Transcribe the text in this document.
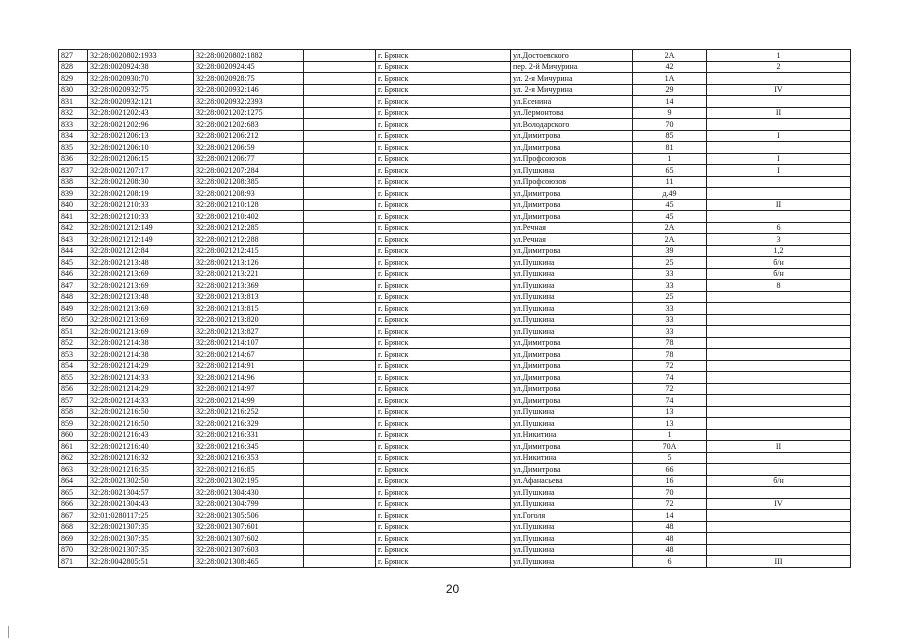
827	32:28:0020802:1933	32:28:0020802:1882		г. Брянск	ул.Достоевского	2А	1
828	32:28:0020924:38	32:28:0020924:45		г. Брянск	пер. 2-й Мичурина	42	2
829	32:28:0020930:70	32:28:0020928:75		г. Брянск	ул. 2-я Мичурина	1А	
830	32:28:0020932:75	32:28:0020932:146		г. Брянск	ул. 2-я Мичурина	29	IV
831	32:28:0020932:121	32:28:0020932:2393		г. Брянск	ул.Есенина	14	
832	32:28:0021202:43	32:28:0021202:1275		г. Брянск	ул.Лермонтова	9	II
833	32:28:0021202:96	32:28:0021202:683		г. Брянск	ул.Володарского	70	
834	32:28:0021206:13	32:28:0021206:212		г. Брянск	ул.Димитрова	85	I
835	32:28:0021206:10	32:28:0021206:59		г. Брянск	ул.Димитрова	81	
836	32:28:0021206:15	32:28:0021206:77		г. Брянск	ул.Профсоюзов	1	I
837	32:28:0021207:17	32:28:0021207:284		г. Брянск	ул.Пушкина	65	I
838	32:28:0021208:30	32:28:0021208:385		г. Брянск	ул.Профсоюзов	11	
839	32:28:0021208:19	32:28:0021208:93		г. Брянск	ул.Димитрова	д.49	
840	32:28:0021210:33	32:28:0021210:128		г. Брянск	ул.Димитрова	45	II
841	32:28:0021210:33	32:28:0021210:402		г. Брянск	ул.Димитрова	45	
842	32:28:0021212:149	32:28:0021212:285		г. Брянск	ул.Речная	2А	6
843	32:28:0021212:149	32:28:0021212:288		г. Брянск	ул.Речная	2А	3
844	32:28:0021212:84	32:28:0021212:415		г. Брянск	ул.Димитрова	39	1,2
845	32:28:0021213:48	32:28:0021213:126		г. Брянск	ул.Пушкина	25	б/н
846	32:28:0021213:69	32:28:0021213:221		г. Брянск	ул.Пушкина	33	б/н
847	32:28:0021213:69	32:28:0021213:369		г. Брянск	ул.Пушкина	33	8
848	32:28:0021213:48	32:28:0021213:813		г. Брянск	ул.Пушкина	25	
849	32:28:0021213:69	32:28:0021213:815		г. Брянск	ул.Пушкина	33	
850	32:28:0021213:69	32:28:0021213:820		г. Брянск	ул.Пушкина	33	
851	32:28:0021213:69	32:28:0021213:827		г. Брянск	ул.Пушкина	33	
852	32:28:0021214:38	32:28:0021214:107		г. Брянск	ул.Димитрова	78	
853	32:28:0021214:38	32:28:0021214:67		г. Брянск	ул.Димитрова	78	
854	32:28:0021214:29	32:28:0021214:91		г. Брянск	ул.Димитрова	72	
855	32:28:0021214:33	32:28:0021214:96		г. Брянск	ул.Димитрова	74	
856	32:28:0021214:29	32:28:0021214:97		г. Брянск	ул.Димитрова	72	
857	32:28:0021214:33	32:28:0021214:99		г. Брянск	ул.Димитрова	74	
858	32:28:0021216:50	32:28:0021216:252		г. Брянск	ул.Пушкина	13	
859	32:28:0021216:50	32:28:0021216:329		г. Брянск	ул.Пушкина	13	
860	32:28:0021216:43	32:28:0021216:331		г. Брянск	ул.Никитина	1	
861	32:28:0021216:40	32:28:0021216:345		г. Брянск	ул.Димитрова	70А	II
862	32:28:0021216:32	32:28:0021216:353		г. Брянск	ул.Никитина	5	
863	32:28:0021216:35	32:28:0021216:85		г. Брянск	ул.Димитрова	66	
864	32:28:0021302:50	32:28:0021302:195		г. Брянск	ул.Афанасьева	16	б/н
865	32:28:0021304:57	32:28:0021304:430		г. Брянск	ул.Пушкина	70	
866	32:28:0021304:43	32:28:0021304:799		г. Брянск	ул.Пушкина	72	IV
867	32:01:0280117:25	32:28:0021305:506		г. Брянск	ул.Гоголя	14	
868	32:28:0021307:35	32:28:0021307:601		г. Брянск	ул.Пушкина	48	
869	32:28:0021307:35	32:28:0021307:602		г. Брянск	ул.Пушкина	48	
870	32:28:0021307:35	32:28:0021307:603		г. Брянск	ул.Пушкина	48	
871	32:28:0042805:51	32:28:0021308:465		г. Брянск	ул.Пушкина	6	III
20
